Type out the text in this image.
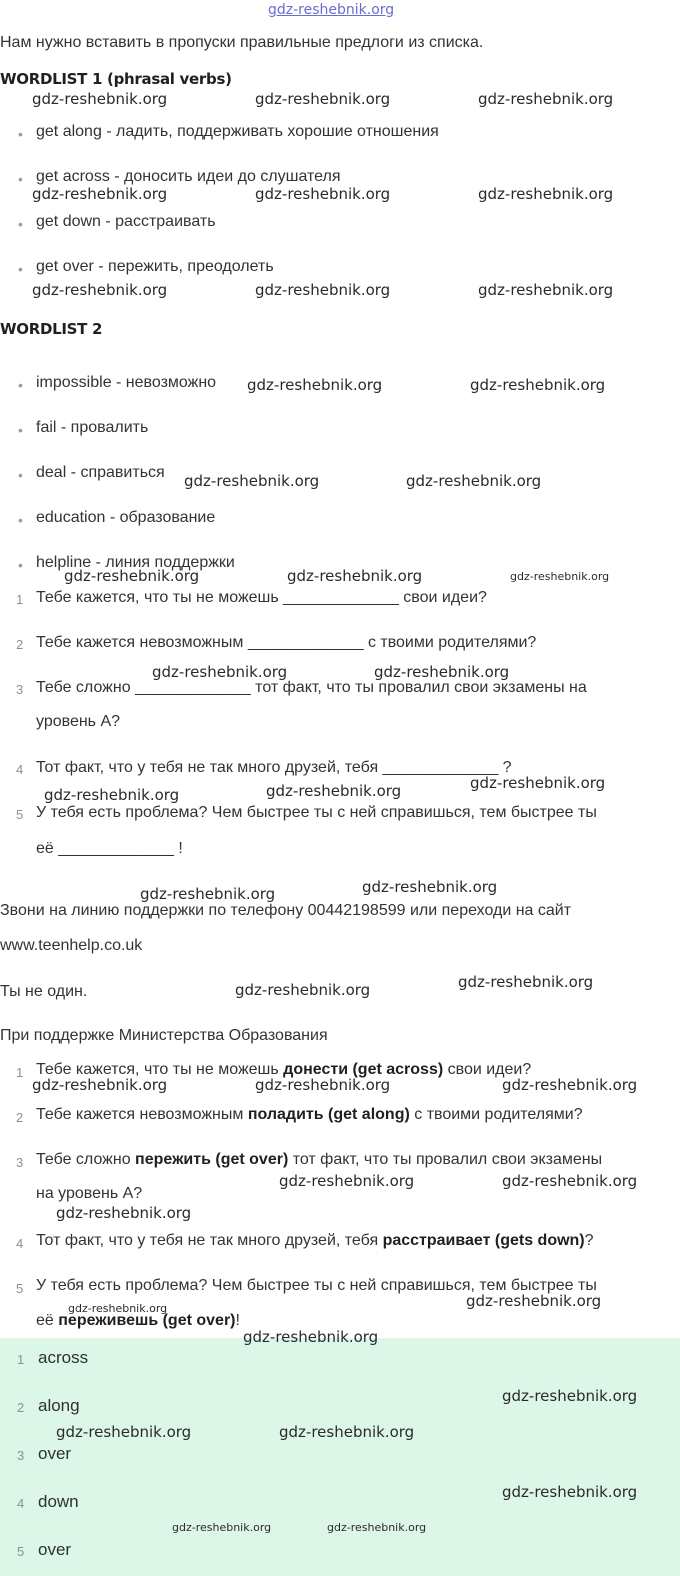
gdz-reshebnik.org
Нам нужно вставить в пропуски правильные предлоги из списка.
WORDLIST 1 (phrasal verbs)
• get along - ладить, поддерживать хорошие отношения
• get across - доносить идеи до слушателя
• get down - расстраивать
• get over - пережить, преодолеть
WORDLIST 2
• impossible - невозможно
• fail - провалить
• deal - справиться
• education - образование
• helpline - линия поддержки
1 Тебе кажется, что ты не можешь _____________ свои идеи?
2 Тебе кажется невозможным _____________ с твоими родителями?
3 Тебе сложно _____________ тот факт, что ты провалил свои экзамены на
уровень A?
4 Тот факт, что у тебя не так много друзей, тебя _____________ ?
5 У тебя есть проблема? Чем быстрее ты с ней справишься, тем быстрее ты
её _____________ !
Звони на линию поддержки по телефону 00442198599 или переходи на сайт
www.teenhelp.co.uk
Ты не один.
При поддержке Министерства Образования
1 Тебе кажется, что ты не можешь донести (get across) свои идеи?
2 Тебе кажется невозможным поладить (get along) с твоими родителями?
3 Тебе сложно пережить (get over) тот факт, что ты провалил свои экзамены
на уровень A?
4 Тот факт, что у тебя не так много друзей, тебя расстраивает (gets down)?
5 У тебя есть проблема? Чем быстрее ты с ней справишься, тем быстрее ты
её переживешь (get over)!
1 across
2 along
3 over
4 down
5 over
gdz-reshebnik.org	gdz-reshebnik.org	gdz-reshebnik.org
gdz-reshebnik.org	gdz-reshebnik.org	gdz-reshebnik.org
gdz-reshebnik.org	gdz-reshebnik.org	gdz-reshebnik.org
gdz-reshebnik.org	gdz-reshebnik.org
gdz-reshebnik.org	gdz-reshebnik.org
gdz-reshebnik.org	gdz-reshebnik.org	gdz-reshebnik.org
gdz-reshebnik.org	gdz-reshebnik.org
gdz-reshebnik.org
gdz-reshebnik.org	gdz-reshebnik.org
gdz-reshebnik.org
gdz-reshebnik.org
gdz-reshebnik.org
gdz-reshebnik.org
gdz-reshebnik.org	gdz-reshebnik.org	gdz-reshebnik.org
gdz-reshebnik.org	gdz-reshebnik.org
gdz-reshebnik.org
gdz-reshebnik.org
gdz-reshebnik.org
gdz-reshebnik.org
gdz-reshebnik.org
gdz-reshebnik.org	gdz-reshebnik.org
gdz-reshebnik.org
gdz-reshebnik.org	gdz-reshebnik.org
